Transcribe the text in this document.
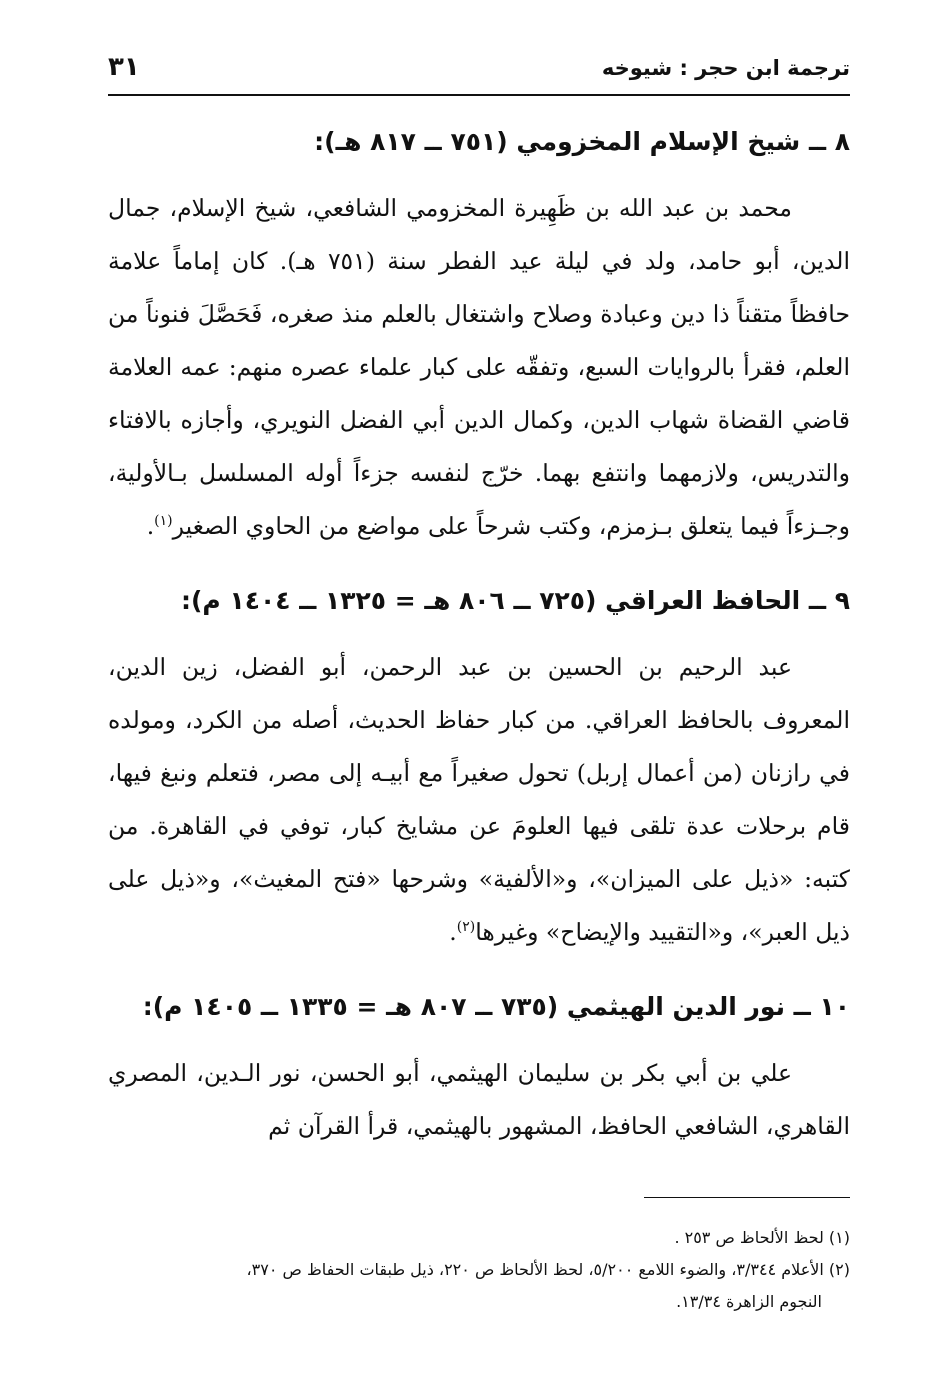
ترجمة ابن حجر : شيوخه
٣١
٨ ــ شيخ الإسلام المخزومي (٧٥١ ــ ٨١٧ هـ):

محمد بن عبد الله بن ظَهِيرة المخزومي الشافعي، شيخ الإسلام، جمال الدين، أبو حامد، ولد في ليلة عيد الفطر سنة (٧٥١ هـ). كان إماماً علامة حافظاً متقناً ذا دين وعبادة وصلاح واشتغال بالعلم منذ صغره، فَحَصَّلَ فنوناً من العلم، فقرأ بالروايات السبع، وتفقّه على كبار علماء عصره منهم: عمه العلامة قاضي القضاة شهاب الدين، وكمال الدين أبي الفضل النويري، وأجازه بالافتاء والتدريس، ولازمهما وانتفع بهما. خرّج لنفسه جزءاً أوله المسلسل بـالأولية، وجـزءاً فيما يتعلق بـزمزم، وكتب شرحاً على مواضع من الحاوي الصغير$^{(١)}$.

٩ ــ الحافظ العراقي (٧٢٥ ــ ٨٠٦ هـ = ١٣٢٥ ــ ١٤٠٤ م):

عبد الرحيم بن الحسين بن عبد الرحمن، أبو الفضل، زين الدين، المعروف بالحافظ العراقي. من كبار حفاظ الحديث، أصله من الكرد، ومولده في رازنان (من أعمال إربل) تحول صغيراً مع أبيـه إلى مصر، فتعلم ونبغ فيها، قام برحلات عدة تلقى فيها العلومَ عن مشايخ كبار، توفي في القاهرة. من كتبه: «ذيل على الميزان»، و«الألفية» وشرحها «فتح المغيث»، و«ذيل على ذيل العبر»، و«التقييد والإيضاح» وغيرها$^{(٢)}$.

١٠ ــ نور الدين الهيثمي (٧٣٥ ــ ٨٠٧ هـ = ١٣٣٥ ــ ١٤٠٥ م):

علي بن أبي بكر بن سليمان الهيثمي، أبو الحسن، نور الـدين، المصري القاهري، الشافعي الحافظ، المشهور بالهيثمي، قرأ القرآن ثم

(١) لحظ الألحاظ ص ٢٥٣ .

(٢) الأعلام ٣/٣٤٤، والضوء اللامع ٥/٢٠٠، لحظ الألحاظ ص ٢٢٠، ذيل طبقات الحفاظ ص ٣٧٠،

النجوم الزاهرة ١٣/٣٤.
